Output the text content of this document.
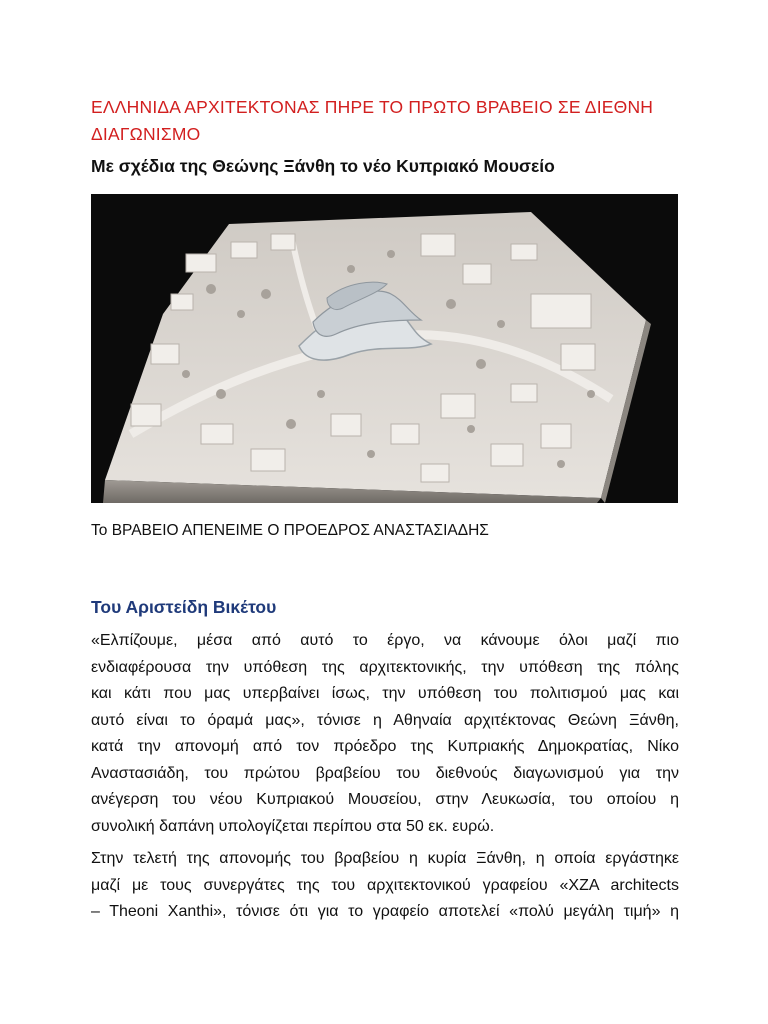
ΕΛΛΗΝΙΔΑ ΑΡΧΙΤΕΚΤΟΝΑΣ ΠΗΡΕ ΤΟ ΠΡΩΤΟ ΒΡΑΒΕΙΟ ΣΕ ΔΙΕΘΝΗ ΔΙΑΓΩΝΙΣΜΟ
Με σχέδια της Θεώνης Ξάνθη το νέο Κυπριακό Μουσείο

Το ΒΡΑΒΕΙΟ ΑΠΕΝΕΙΜΕ Ο ΠΡΟΕΔΡΟΣ ΑΝΑΣΤΑΣΙΑΔΗΣ

Του Αριστείδη Βικέτου

«Ελπίζουμε, μέσα από αυτό το έργο, να κάνουμε όλοι μαζί πιο
ενδιαφέρουσα την υπόθεση της αρχιτεκτονικής, την υπόθεση της πόλης
και κάτι που μας υπερβαίνει ίσως, την υπόθεση του πολιτισμού μας και
αυτό είναι το όραμά μας», τόνισε η Αθηναία αρχιτέκτονας Θεώνη Ξάνθη,
κατά την απονομή από τον πρόεδρο της Κυπριακής Δημοκρατίας, Νίκο
Αναστασιάδη, του πρώτου βραβείου του διεθνούς διαγωνισμού για την
ανέγερση του νέου Κυπριακού Μουσείου, στην Λευκωσία, του οποίου η
συνολική δαπάνη υπολογίζεται περίπου στα 50 εκ. ευρώ.

Στην τελετή της απονομής του βραβείου η κυρία Ξάνθη, η οποία εργάστηκε
μαζί με τους συνεργάτες της του αρχιτεκτονικού γραφείου «XZA architects
– Theoni Xanthi», τόνισε ότι για το γραφείο αποτελεί «πολύ μεγάλη τιμή» η
